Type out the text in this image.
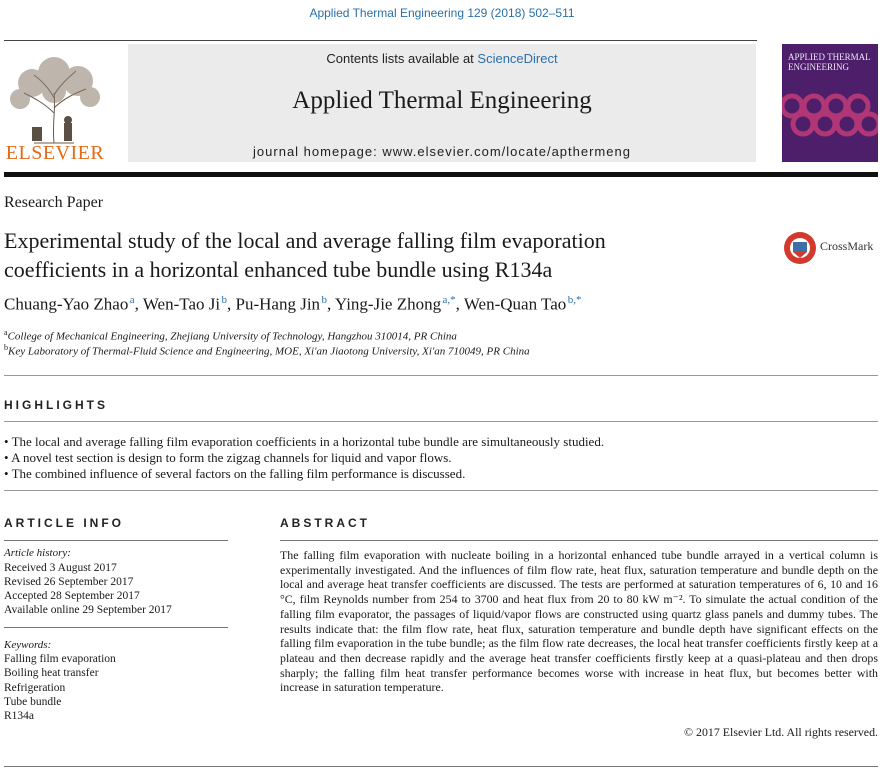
Applied Thermal Engineering 129 (2018) 502–511
ELSEVIER
Contents lists available at ScienceDirect
Applied Thermal Engineering
journal homepage: www.elsevier.com/locate/apthermeng
APPLIED THERMAL ENGINEERING
Research Paper
Experimental study of the local and average falling film evaporation
coefficients in a horizontal enhanced tube bundle using R134a
CrossMark
Chuang-Yao Zhao $^a$, Wen-Tao Ji $^b$, Pu-Hang Jin $^b$, Ying-Jie Zhong $^{a,*}$, Wen-Quan Tao $^{b,*}$
$^a$College of Mechanical Engineering, Zhejiang University of Technology, Hangzhou 310014, PR China
$^b$Key Laboratory of Thermal-Fluid Science and Engineering, MOE, Xi'an Jiaotong University, Xi'an 710049, PR China
HIGHLIGHTS
• The local and average falling film evaporation coefficients in a horizontal tube bundle are simultaneously studied.
• A novel test section is design to form the zigzag channels for liquid and vapor flows.
• The combined influence of several factors on the falling film performance is discussed.
ARTICLE INFO
Article history:
Received 3 August 2017
Revised 26 September 2017
Accepted 28 September 2017
Available online 29 September 2017
Keywords:
Falling film evaporation
Boiling heat transfer
Refrigeration
Tube bundle
R134a
ABSTRACT
The falling film evaporation with nucleate boiling in a horizontal enhanced tube bundle arrayed in a vertical column is experimentally investigated. And the influences of film flow rate, heat flux, saturation temperature and bundle depth on the local and average heat transfer coefficients are discussed. The tests are performed at saturation temperatures of 6, 10 and 16 °C, film Reynolds number from 254 to 3700 and heat flux from 20 to 80 kW m⁻². To simulate the actual condition of the falling film evaporator, the passages of liquid/vapor flows are constructed using quartz glass panels and dummy tubes. The results indicate that: the film flow rate, heat flux, saturation temperature and bundle depth have significant effects on the falling film evaporation in the tube bundle; as the film flow rate decreases, the local heat transfer coefficients firstly keep at a plateau and then decrease rapidly and the average heat transfer coefficients firstly keep at a quasi-plateau and then drops sharply; the falling film heat transfer performance becomes worse with increase in heat flux, but becomes better with increase in saturation temperature.
© 2017 Elsevier Ltd. All rights reserved.
